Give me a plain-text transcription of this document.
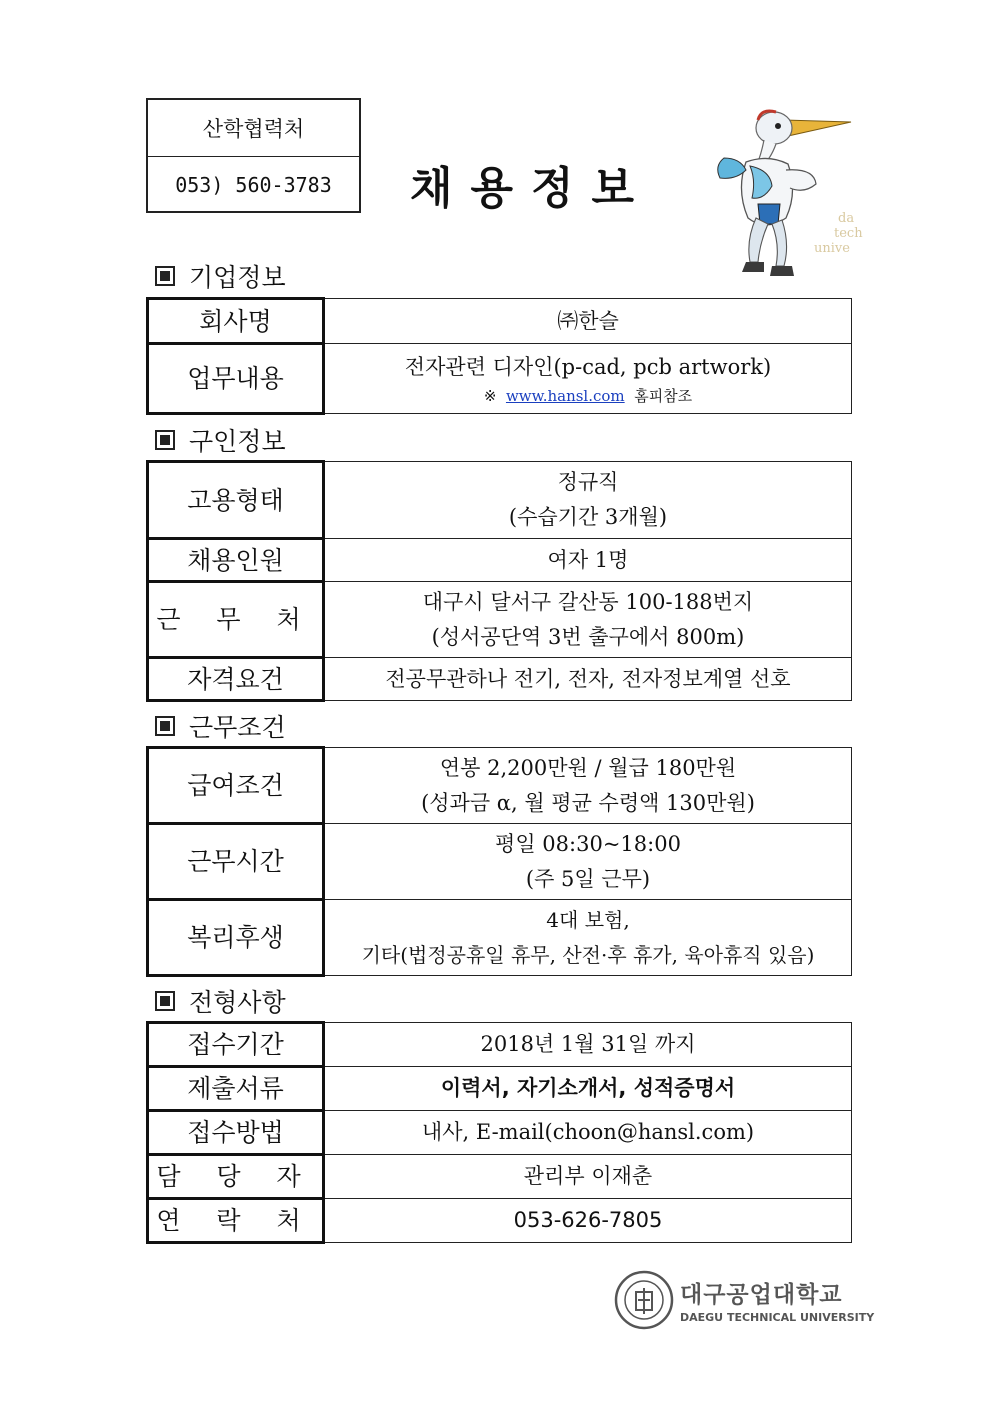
산학협력처
053) 560-3783	채용정보
da
tech
unive
기업정보
회사명	㈜한슬
업무내용	전자관련 디자인(p-cad, pcb artwork)
※ www.hansl.com 홈피참조
구인정보
고용형태	정규직
(수습기간 3개월)

채용인원	여자 1명
근 무 처	대구시 달서구 갈산동 100-188번지
(성서공단역 3번 출구에서 800m)

자격요건	전공무관하나 전기, 전자, 전자정보계열 선호
근무조건
급여조건	연봉 2,200만원 / 월급 180만원
(성과금 α, 월 평균 수령액 130만원)

근무시간	평일 08:30~18:00
(주 5일 근무)

복리후생	4대 보험,
기타(법정공휴일 휴무, 산전·후 휴가, 육아휴직 있음)
전형사항
접수기간	2018년 1월 31일 까지
제출서류	이력서, 자기소개서, 성적증명서
접수방법	내사, E-mail(choon@hansl.com)
담 당 자	관리부 이재춘
연 락 처	053-626-7805
대구공업대학교
DAEGU TECHNICAL UNIVERSITY
